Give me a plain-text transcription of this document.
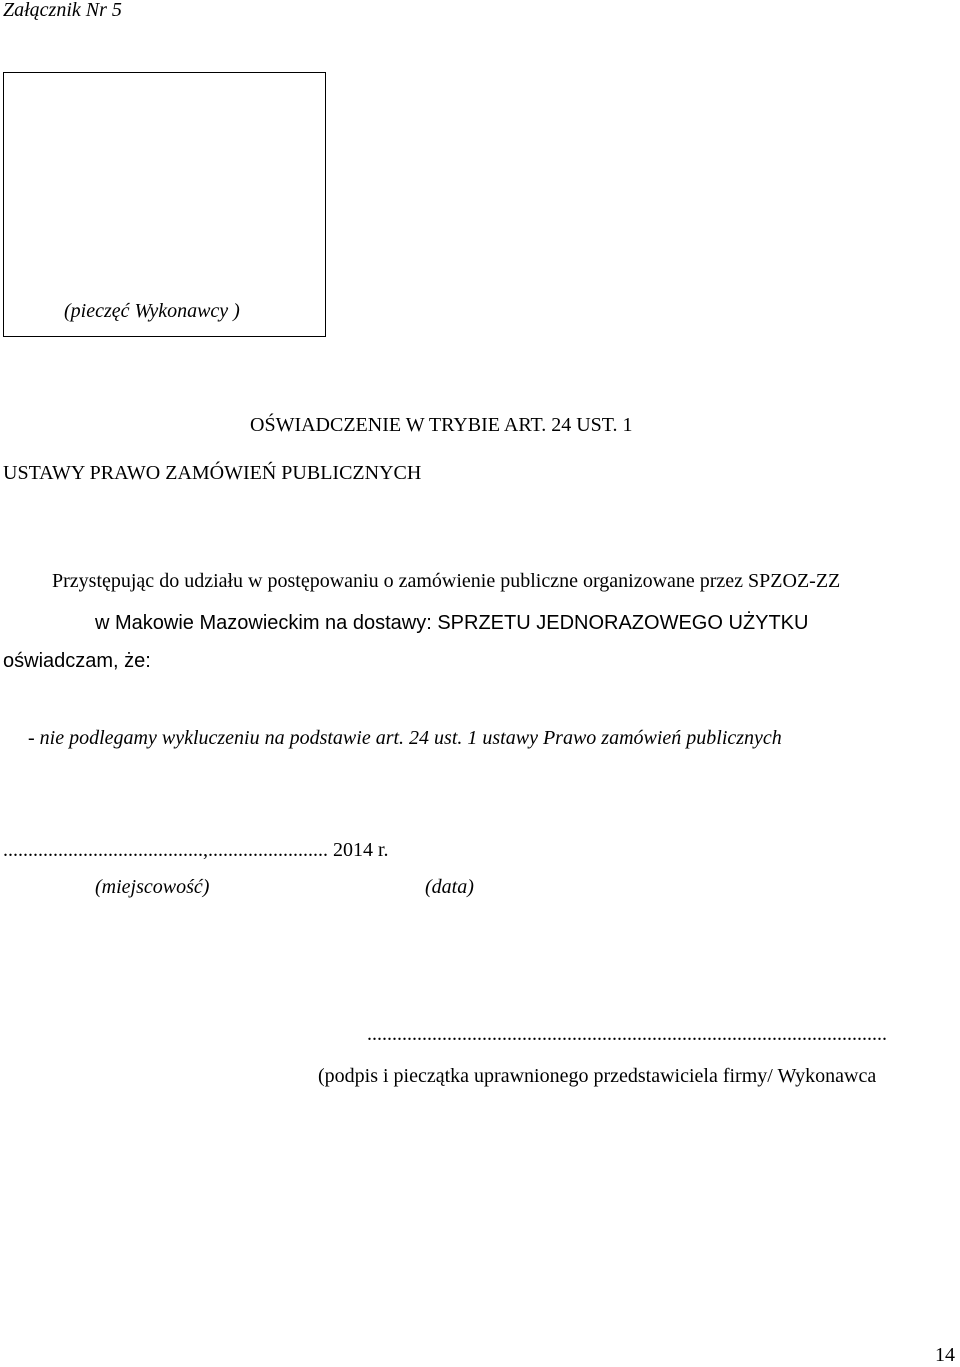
Załącznik Nr 5
(pieczęć Wykonawcy )
OŚWIADCZENIE W TRYBIE ART. 24 UST. 1
USTAWY PRAWO ZAMÓWIEŃ PUBLICZNYCH
Przystępując do udziału w postępowaniu o zamówienie publiczne organizowane przez SPZOZ-ZZ
w Makowie Mazowieckim na dostawy: SPRZETU JEDNORAZOWEGO UŻYTKU
oświadczam, że:
- nie podlegamy wykluczeniu na podstawie art. 24 ust. 1 ustawy Prawo zamówień publicznych
........................................,........................ 2014 r.
(miejscowość)	(data)
........................................................................................................
(podpis i pieczątka uprawnionego przedstawiciela firmy/ Wykonawca
14
